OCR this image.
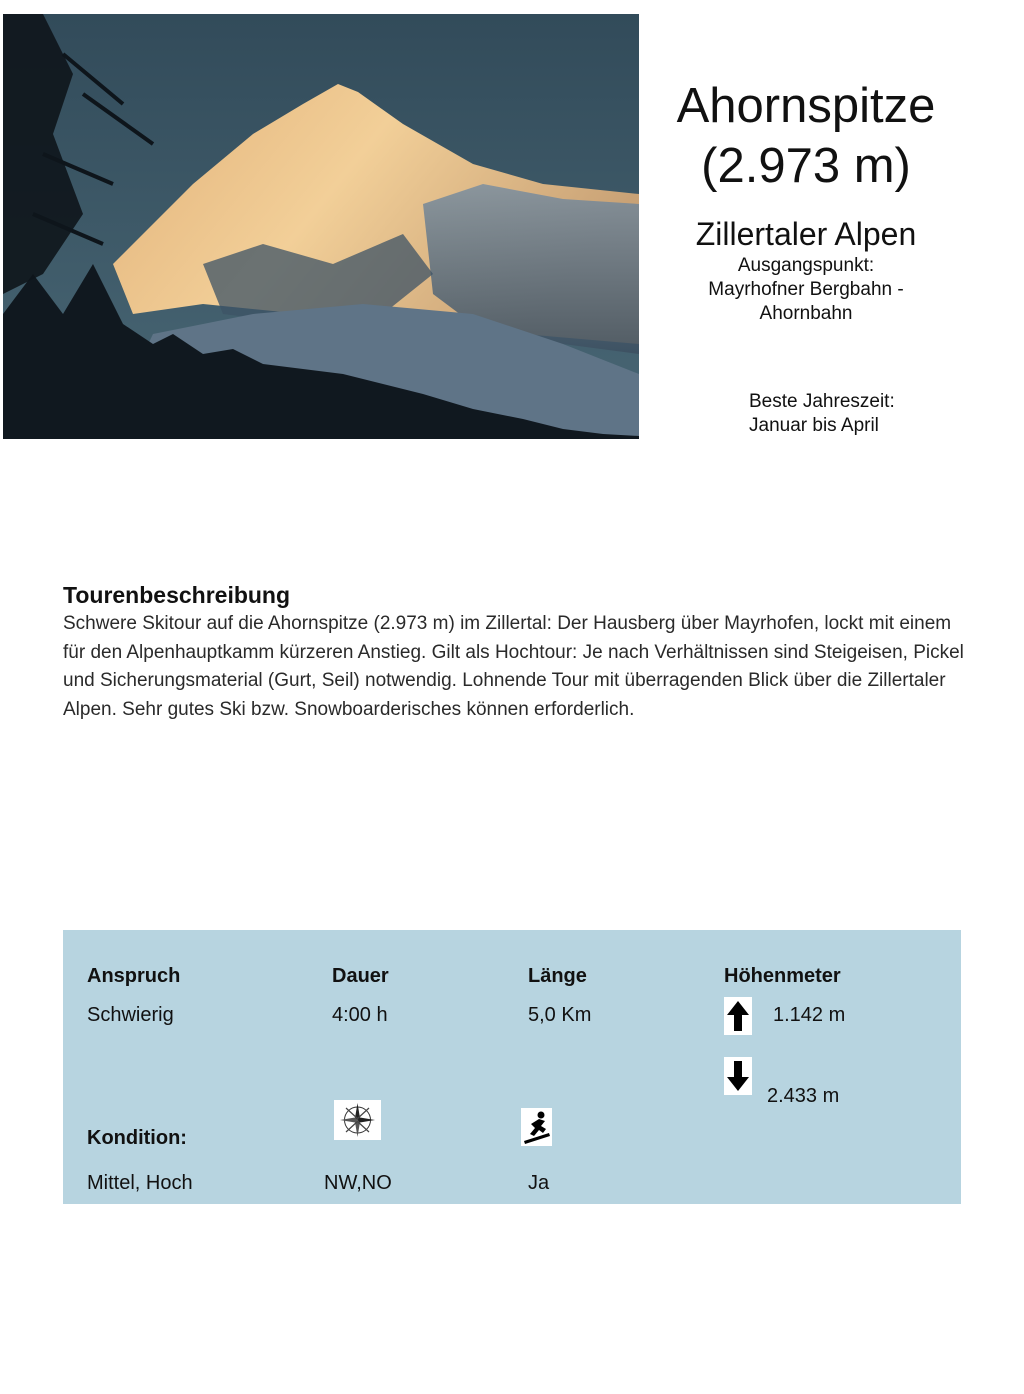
Ahornspitze
(2.973 m)
Zillertaler Alpen
Ausgangspunkt:
Mayrhofner Bergbahn - Ahornbahn
Beste Jahreszeit:
Januar bis April
Tourenbeschreibung
Schwere Skitour auf die Ahornspitze (2.973 m) im Zillertal: Der Hausberg über Mayrhofen, lockt mit einem für den Alpenhauptkamm kürzeren Anstieg. Gilt als Hochtour: Je nach Verhältnissen sind Steigeisen, Pickel und Sicherungsmaterial (Gurt, Seil) notwendig. Lohnende Tour mit überragenden Blick über die Zillertaler Alpen. Sehr gutes Ski bzw. Snowboarderisches können erforderlich.
Anspruch
Schwierig
Dauer
4:00 h
Länge
5,0 Km
Höhenmeter
1.142 m
2.433 m
Kondition:
Mittel, Hoch	NW,NO	Ja
